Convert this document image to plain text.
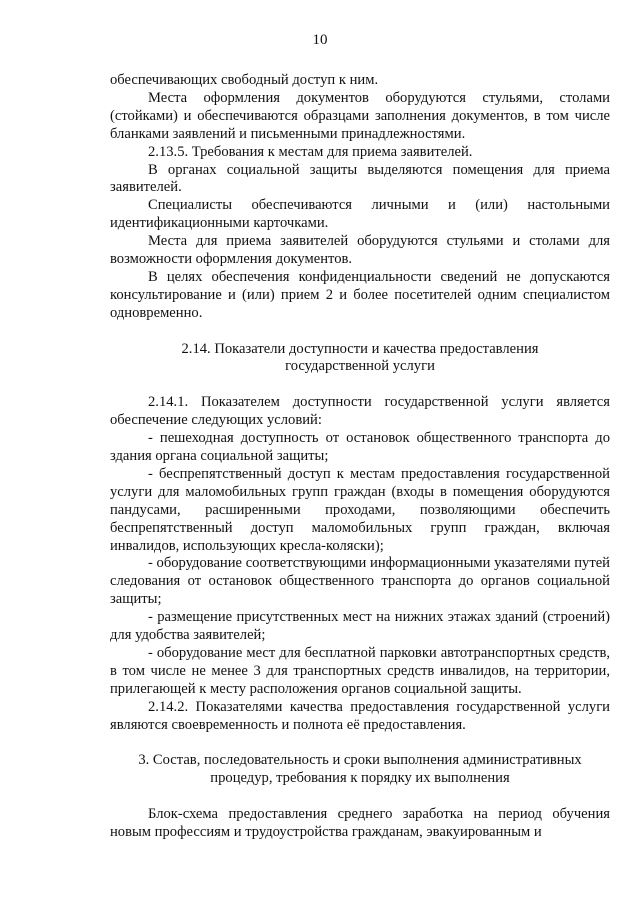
10

обеспечивающих свободный доступ к ним.

Места оформления документов оборудуются стульями, столами (стойками) и обеспечиваются образцами заполнения документов, в том числе бланками заявлений и письменными принадлежностями.

2.13.5. Требования к местам для приема заявителей.

В органах социальной защиты выделяются помещения для приема заявителей.

Специалисты обеспечиваются личными и (или) настольными идентификационными карточками.

Места для приема заявителей оборудуются стульями и столами для возможности оформления документов.

В целях обеспечения конфиденциальности сведений не допускаются консультирование и (или) прием 2 и более посетителей одним специалистом одновременно.

2.14. Показатели доступности и качества предоставления
государственной услуги

2.14.1. Показателем доступности государственной услуги является обеспечение следующих условий:

- пешеходная доступность от остановок общественного транспорта до здания органа социальной защиты;

- беспрепятственный доступ к местам предоставления государственной услуги для маломобильных групп граждан (входы в помещения оборудуются пандусами, расширенными проходами, позволяющими обеспечить беспрепятственный доступ маломобильных групп граждан, включая инвалидов, использующих кресла-коляски);

- оборудование соответствующими информационными указателями путей следования от остановок общественного транспорта до органов социальной защиты;

- размещение присутственных мест на нижних этажах зданий (строений) для удобства заявителей;

- оборудование мест для бесплатной парковки автотранспортных средств, в том числе не менее 3 для транспортных средств инвалидов, на территории, прилегающей к месту расположения органов социальной защиты.

2.14.2. Показателями качества предоставления государственной услуги являются своевременность и полнота её предоставления.

3. Состав, последовательность и сроки выполнения административных
процедур, требования к порядку их выполнения

Блок-схема предоставления среднего заработка на период обучения новым профессиям и трудоустройства гражданам, эвакуированным и
